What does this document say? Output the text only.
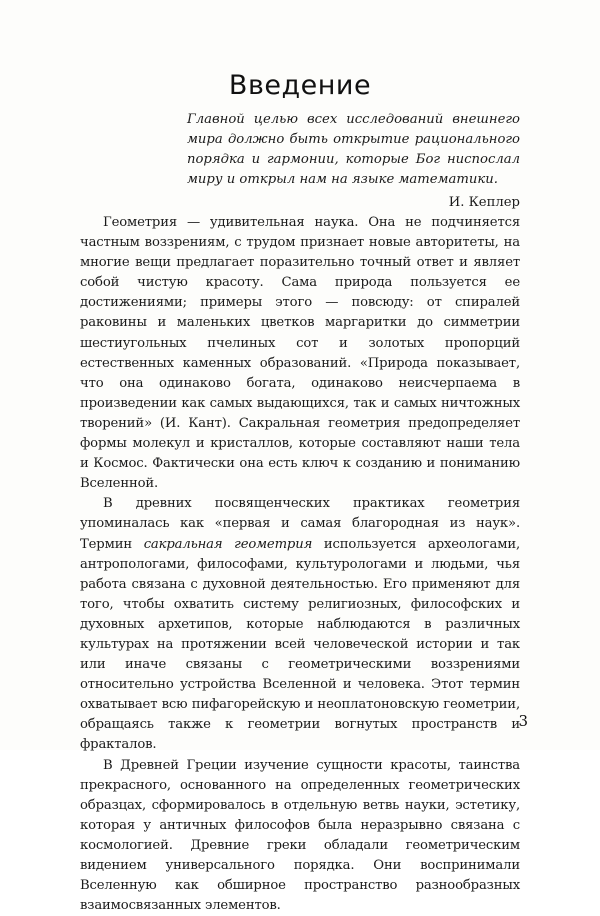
Введение
Главной целью всех исследований внешнего мира должно быть открытие рационального порядка и гармонии, которые Бог ниспослал миру и открыл нам на языке математики.
И. Кеплер

Геометрия — удивительная наука. Она не подчиняется частным воззрениям, с трудом признает новые авторитеты, на многие вещи предлагает поразительно точный ответ и являет собой чистую красоту. Сама природа пользуется ее достижениями; примеры этого — повсюду: от спиралей раковины и маленьких цветков маргаритки до симметрии шестиугольных пчелиных сот и золотых пропорций естественных каменных образований. «Природа показывает, что она одинаково богата, одинаково неисчерпаема в произведении как самых выдающихся, так и самых ничтожных творений» (И. Кант). Сакральная геометрия предопределяет формы молекул и кристаллов, которые составляют наши тела и Космос. Фактически она есть ключ к созданию и пониманию Вселенной.

В древних посвященческих практиках геометрия упоминалась как «первая и самая благородная из наук». Термин сакральная геометрия используется археологами, антропологами, философами, культурологами и людьми, чья работа связана с духовной деятельностью. Его применяют для того, чтобы охватить систему религиозных, философских и духовных архетипов, которые наблюдаются в различных культурах на протяжении всей человеческой истории и так или иначе связаны с геометрическими воззрениями относительно устройства Вселенной и человека. Этот термин охватывает всю пифагорейскую и неоплатоновскую геометрии, обращаясь также к геометрии вогнутых пространств и фракталов.

В Древней Греции изучение сущности красоты, таинства прекрасного, основанного на определенных геометрических образцах, сформировалось в отдельную ветвь науки, эстетику, которая у античных философов была неразрывно связана с космологией. Древние греки обладали геометрическим видением универсального порядка. Они воспринимали Вселенную как обширное пространство разнообразных взаимосвязанных элементов.

3
